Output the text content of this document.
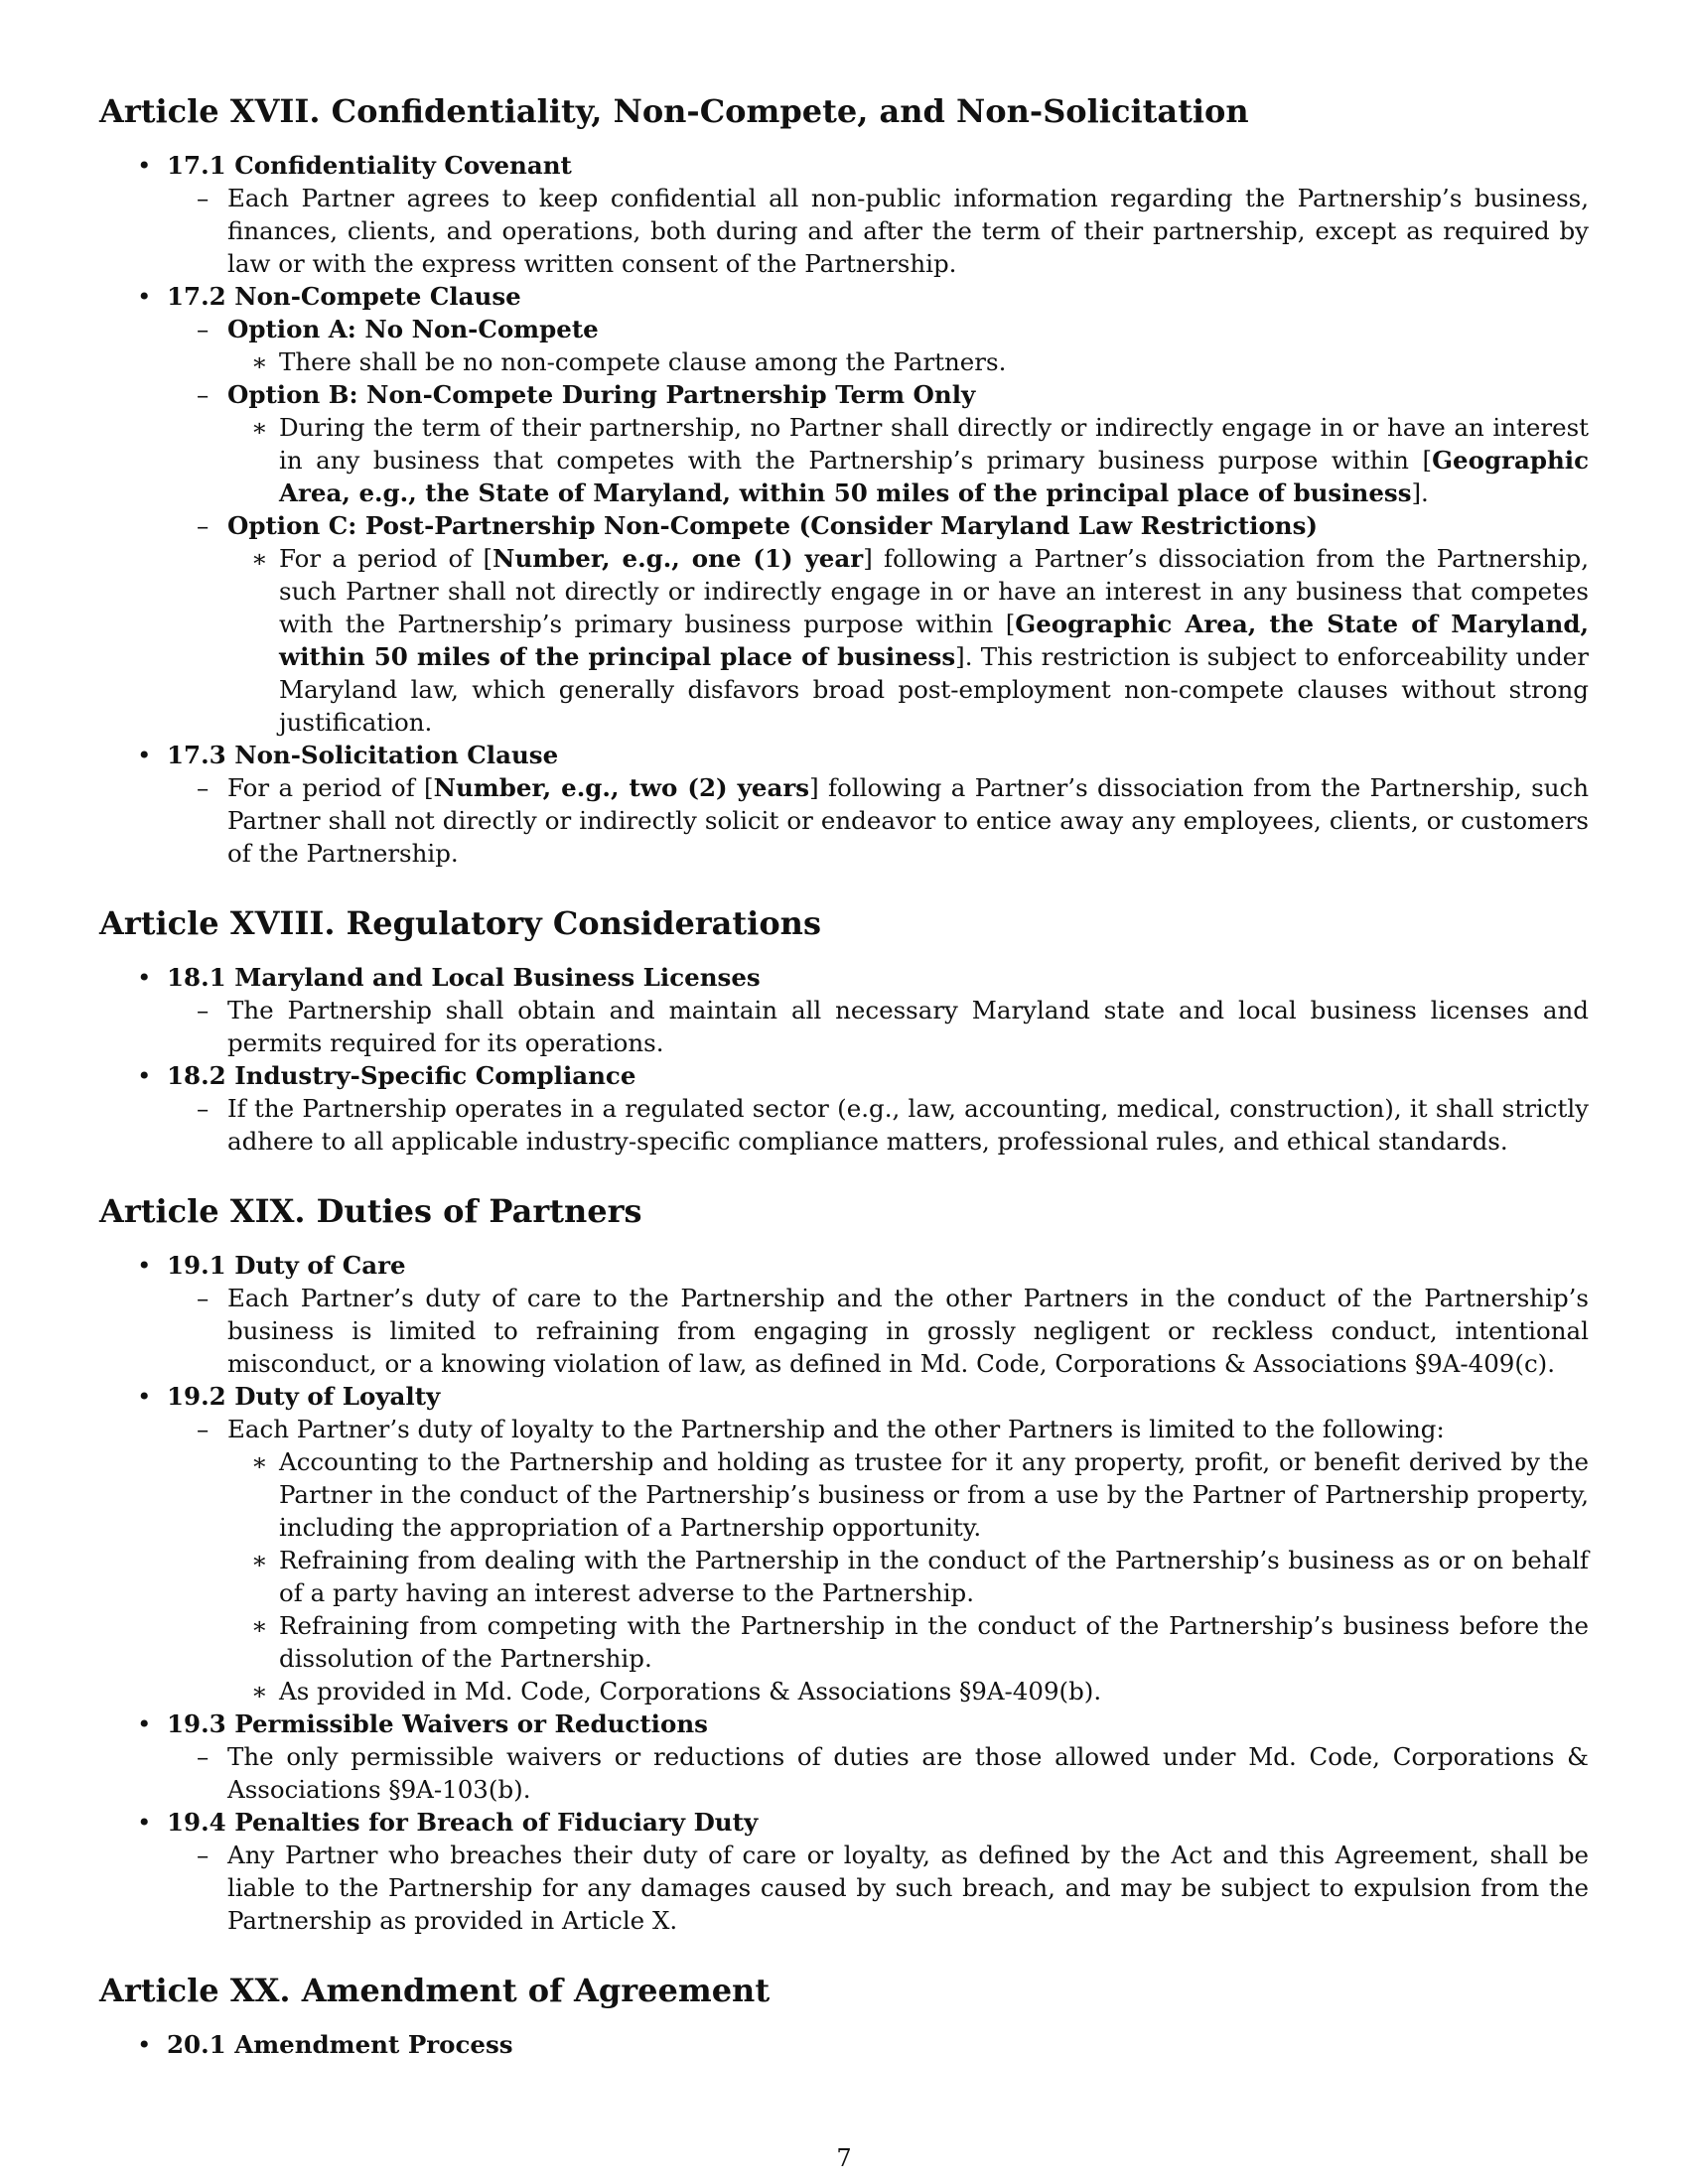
Article XVII. Confidentiality, Non-Compete, and Non-Solicitation
• 17.1 Confidentiality Covenant
– Each Partner agrees to keep confidential all non-public information regarding the Partnership’s business, finances, clients, and operations, both during and after the term of their partnership, except as required by law or with the express written consent of the Partnership.
• 17.2 Non-Compete Clause
– Option A: No Non-Compete
∗ There shall be no non-compete clause among the Partners.
– Option B: Non-Compete During Partnership Term Only
∗ During the term of their partnership, no Partner shall directly or indirectly engage in or have an interest in any business that competes with the Partnership’s primary business purpose within [Geographic Area, e.g., the State of Maryland, within 50 miles of the principal place of business].
– Option C: Post-Partnership Non-Compete (Consider Maryland Law Restrictions)
∗ For a period of [Number, e.g., one (1) year] following a Partner’s dissociation from the Partnership, such Partner shall not directly or indirectly engage in or have an interest in any business that competes with the Partnership’s primary business purpose within [Geographic Area, the State of Maryland, within 50 miles of the principal place of business]. This restriction is subject to enforceability under Maryland law, which generally disfavors broad post-employment non-compete clauses without strong justification.
• 17.3 Non-Solicitation Clause
– For a period of [Number, e.g., two (2) years] following a Partner’s dissociation from the Partnership, such Partner shall not directly or indirectly solicit or endeavor to entice away any employees, clients, or customers of the Partnership.
Article XVIII. Regulatory Considerations
• 18.1 Maryland and Local Business Licenses
– The Partnership shall obtain and maintain all necessary Maryland state and local business licenses and permits required for its operations.
• 18.2 Industry-Specific Compliance
– If the Partnership operates in a regulated sector (e.g., law, accounting, medical, construction), it shall strictly adhere to all applicable industry-specific compliance matters, professional rules, and ethical standards.
Article XIX. Duties of Partners
• 19.1 Duty of Care
– Each Partner’s duty of care to the Partnership and the other Partners in the conduct of the Partnership’s business is limited to refraining from engaging in grossly negligent or reckless conduct, intentional misconduct, or a knowing violation of law, as defined in Md. Code, Corporations & Associations §9A-409(c).
• 19.2 Duty of Loyalty
– Each Partner’s duty of loyalty to the Partnership and the other Partners is limited to the following:
∗ Accounting to the Partnership and holding as trustee for it any property, profit, or benefit derived by the Partner in the conduct of the Partnership’s business or from a use by the Partner of Partnership property, including the appropriation of a Partnership opportunity.
∗ Refraining from dealing with the Partnership in the conduct of the Partnership’s business as or on behalf of a party having an interest adverse to the Partnership.
∗ Refraining from competing with the Partnership in the conduct of the Partnership’s business before the dissolution of the Partnership.
∗ As provided in Md. Code, Corporations & Associations §9A-409(b).
• 19.3 Permissible Waivers or Reductions
– The only permissible waivers or reductions of duties are those allowed under Md. Code, Corporations & Associations §9A-103(b).
• 19.4 Penalties for Breach of Fiduciary Duty
– Any Partner who breaches their duty of care or loyalty, as defined by the Act and this Agreement, shall be liable to the Partnership for any damages caused by such breach, and may be subject to expulsion from the Partnership as provided in Article X.
Article XX. Amendment of Agreement
• 20.1 Amendment Process
7
